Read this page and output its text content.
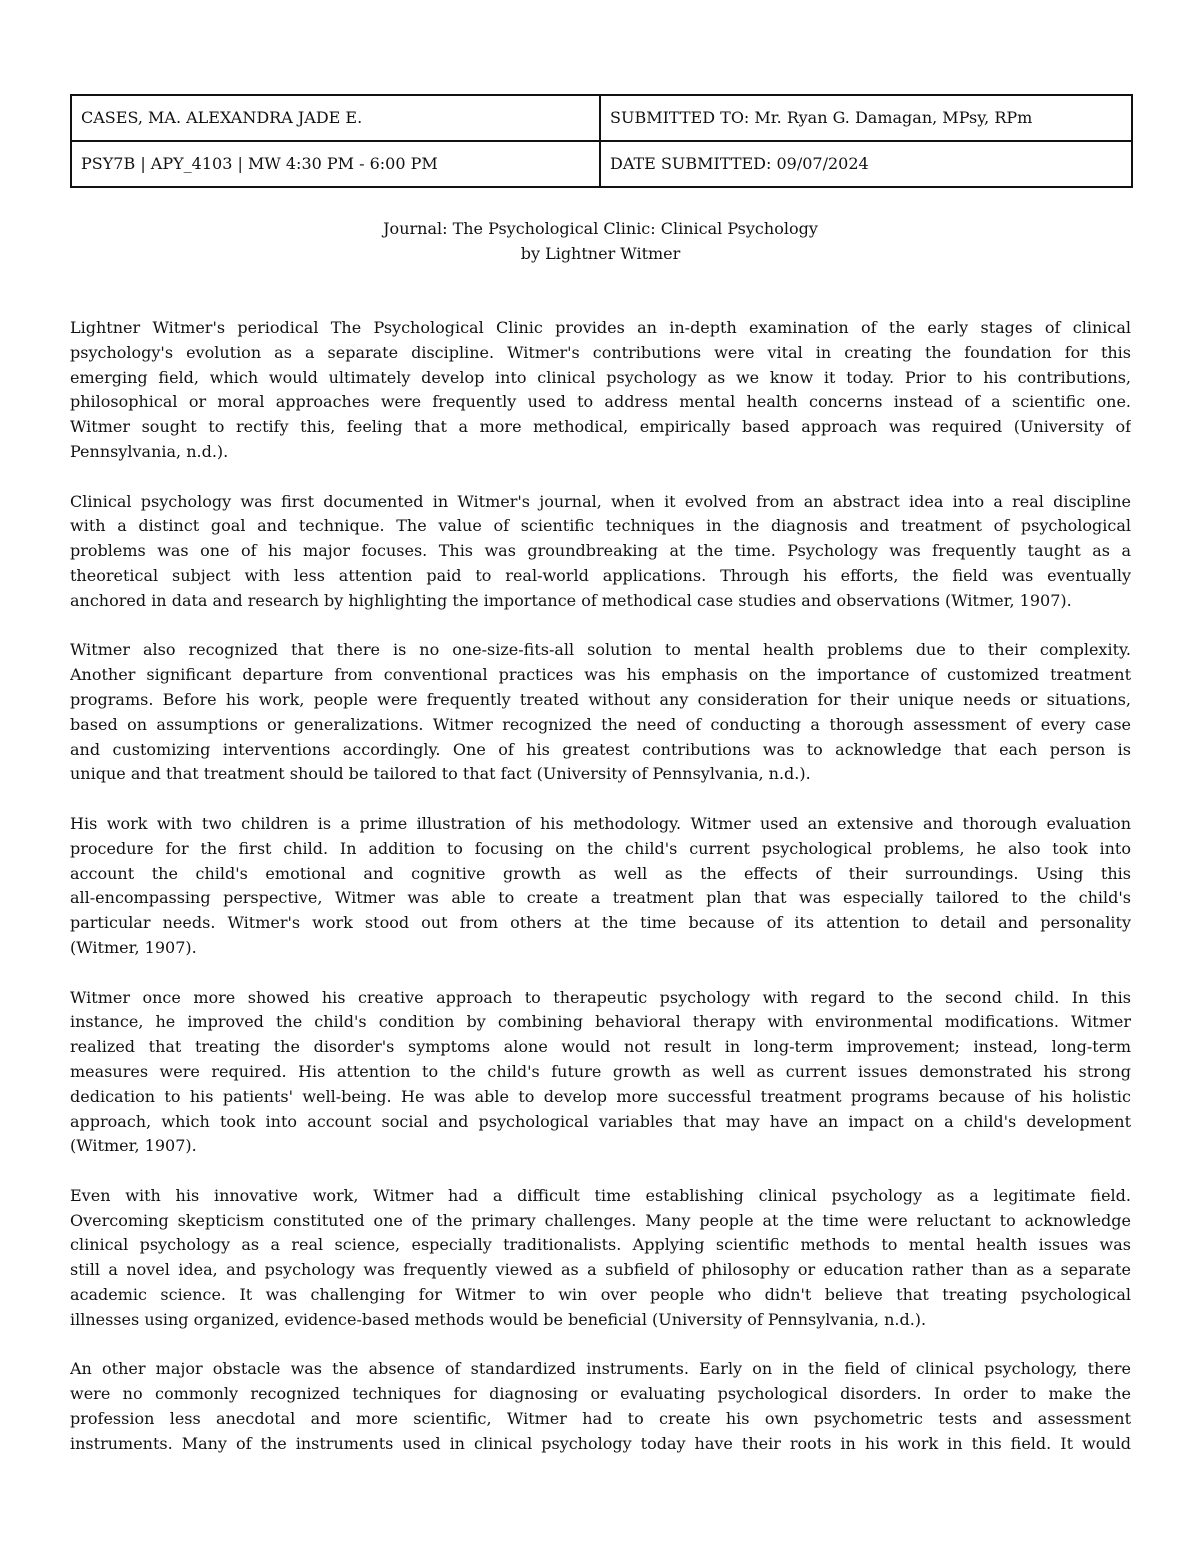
CASES, MA. ALEXANDRA JADE E.	SUBMITTED TO: Mr. Ryan G. Damagan, MPsy, RPm
PSY7B | APY_4103 | MW 4:30 PM - 6:00 PM	DATE SUBMITTED: 09/07/2024
Journal: The Psychological Clinic: Clinical Psychology
by Lightner Witmer
Lightner Witmer's periodical The Psychological Clinic provides an in-depth examination of the early stages of clinical
psychology's evolution as a separate discipline. Witmer's contributions were vital in creating the foundation for this
emerging field, which would ultimately develop into clinical psychology as we know it today. Prior to his contributions,
philosophical or moral approaches were frequently used to address mental health concerns instead of a scientific one.
Witmer sought to rectify this, feeling that a more methodical, empirically based approach was required (University of
Pennsylvania, n.d.).
Clinical psychology was first documented in Witmer's journal, when it evolved from an abstract idea into a real discipline
with a distinct goal and technique. The value of scientific techniques in the diagnosis and treatment of psychological
problems was one of his major focuses. This was groundbreaking at the time. Psychology was frequently taught as a
theoretical subject with less attention paid to real-world applications. Through his efforts, the field was eventually
anchored in data and research by highlighting the importance of methodical case studies and observations (Witmer, 1907).
Witmer also recognized that there is no one-size-fits-all solution to mental health problems due to their complexity.
Another significant departure from conventional practices was his emphasis on the importance of customized treatment
programs. Before his work, people were frequently treated without any consideration for their unique needs or situations,
based on assumptions or generalizations. Witmer recognized the need of conducting a thorough assessment of every case
and customizing interventions accordingly. One of his greatest contributions was to acknowledge that each person is
unique and that treatment should be tailored to that fact (University of Pennsylvania, n.d.).
His work with two children is a prime illustration of his methodology. Witmer used an extensive and thorough evaluation
procedure for the first child. In addition to focusing on the child's current psychological problems, he also took into
account the child's emotional and cognitive growth as well as the effects of their surroundings. Using this
all-encompassing perspective, Witmer was able to create a treatment plan that was especially tailored to the child's
particular needs. Witmer's work stood out from others at the time because of its attention to detail and personality
(Witmer, 1907).
Witmer once more showed his creative approach to therapeutic psychology with regard to the second child. In this
instance, he improved the child's condition by combining behavioral therapy with environmental modifications. Witmer
realized that treating the disorder's symptoms alone would not result in long-term improvement; instead, long-term
measures were required. His attention to the child's future growth as well as current issues demonstrated his strong
dedication to his patients' well-being. He was able to develop more successful treatment programs because of his holistic
approach, which took into account social and psychological variables that may have an impact on a child's development
(Witmer, 1907).
Even with his innovative work, Witmer had a difficult time establishing clinical psychology as a legitimate field.
Overcoming skepticism constituted one of the primary challenges. Many people at the time were reluctant to acknowledge
clinical psychology as a real science, especially traditionalists. Applying scientific methods to mental health issues was
still a novel idea, and psychology was frequently viewed as a subfield of philosophy or education rather than as a separate
academic science. It was challenging for Witmer to win over people who didn't believe that treating psychological
illnesses using organized, evidence-based methods would be beneficial (University of Pennsylvania, n.d.).
An other major obstacle was the absence of standardized instruments. Early on in the field of clinical psychology, there
were no commonly recognized techniques for diagnosing or evaluating psychological disorders. In order to make the
profession less anecdotal and more scientific, Witmer had to create his own psychometric tests and assessment
instruments. Many of the instruments used in clinical psychology today have their roots in his work in this field. It would
